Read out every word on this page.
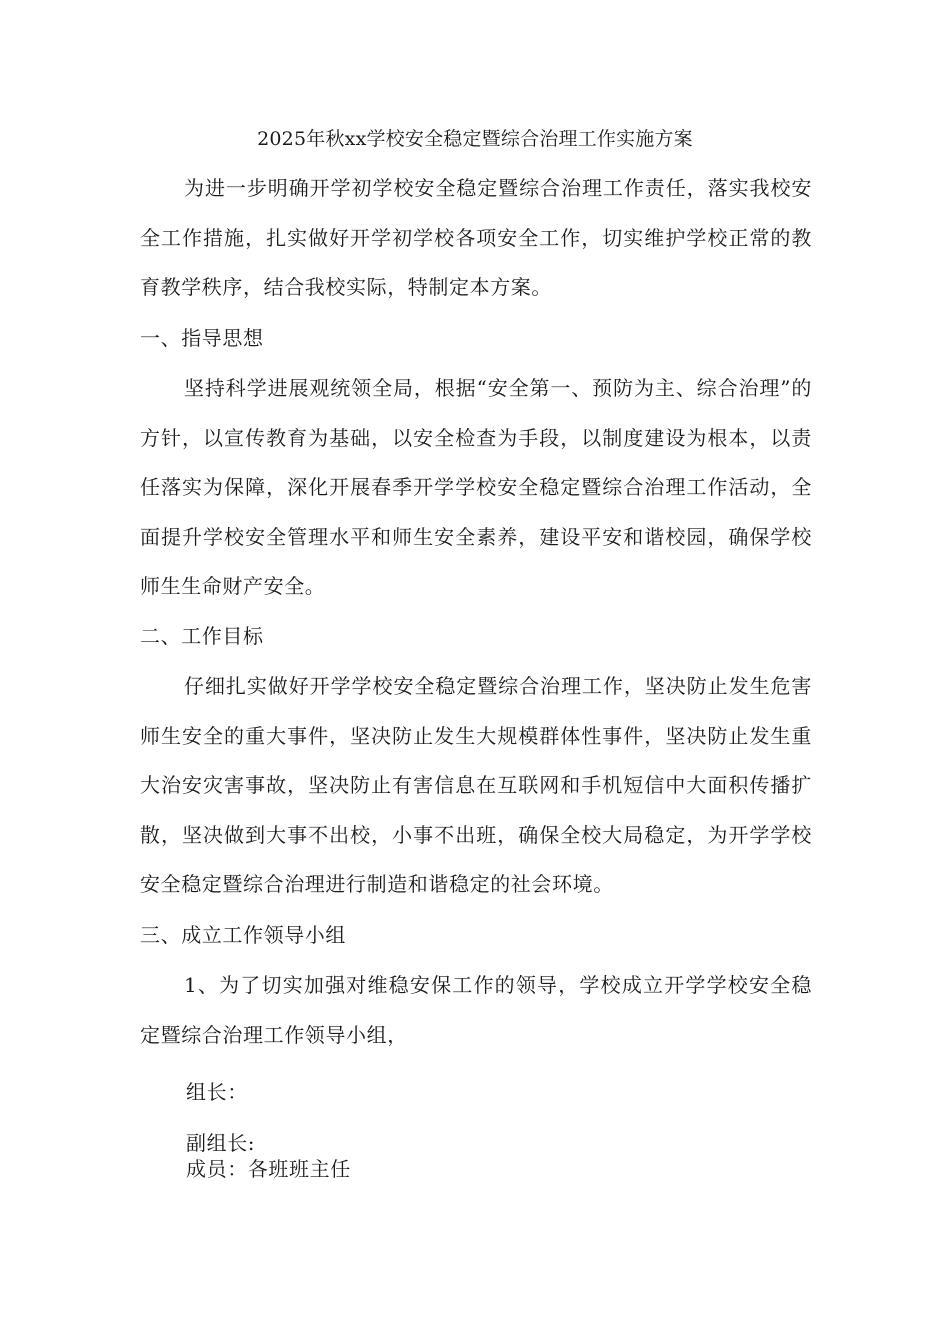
2025年秋xx学校安全稳定暨综合治理工作实施方案
为进一步明确开学初学校安全稳定暨综合治理工作责任，落实我校安全工作措施，扎实做好开学初学校各项安全工作，切实维护学校正常的教育教学秩序，结合我校实际，特制定本方案。
一、指导思想
坚持科学进展观统领全局，根据“安全第一、预防为主、综合治理”的方针，以宣传教育为基础，以安全检查为手段，以制度建设为根本，以责任落实为保障，深化开展春季开学学校安全稳定暨综合治理工作活动，全面提升学校安全管理水平和师生安全素养，建设平安和谐校园，确保学校师生生命财产安全。
二、工作目标
仔细扎实做好开学学校安全稳定暨综合治理工作，坚决防止发生危害师生安全的重大事件，坚决防止发生大规模群体性事件，坚决防止发生重大治安灾害事故，坚决防止有害信息在互联网和手机短信中大面积传播扩散，坚决做到大事不出校，小事不出班，确保全校大局稳定，为开学学校安全稳定暨综合治理进行制造和谐稳定的社会环境。
三、成立工作领导小组
1、为了切实加强对维稳安保工作的领导，学校成立开学学校安全稳定暨综合治理工作领导小组，
组长：
副组长:
成员：各班班主任
